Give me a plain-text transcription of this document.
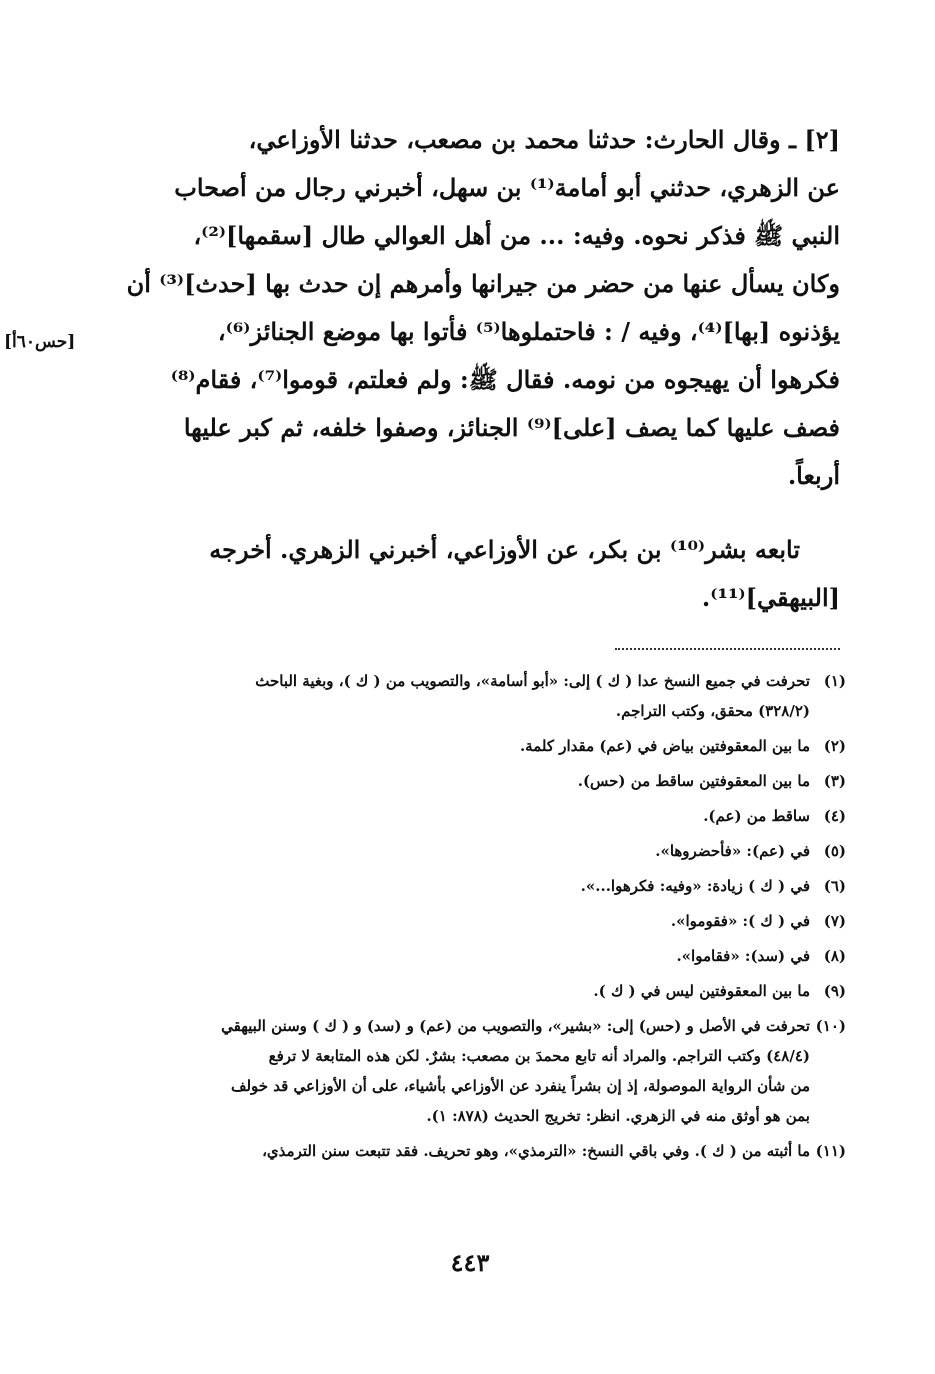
[٢] ـ وقال الحارث: حدثنا محمد بن مصعب، حدثنا الأوزاعي،
عن الزهري، حدثني أبو أمامة⁽¹⁾ بن سهل، أخبرني رجال من أصحاب
النبي ﷺ فذكر نحوه. وفيه: ... من أهل العوالي طال [سقمها]⁽²⁾،
وكان يسأل عنها من حضر من جيرانها وأمرهم إن حدث بها [حدث]⁽³⁾ أن
يؤذنوه [بها]⁽⁴⁾، وفيه / : فاحتملوها⁽⁵⁾ فأتوا بها موضع الجنائز⁽⁶⁾،
فكرهوا أن يهيجوه من نومه. فقال ﷺ: ولم فعلتم، قوموا⁽⁷⁾، فقام⁽⁸⁾
فصف عليها كما يصف [على]⁽⁹⁾ الجنائز، وصفوا خلفه، ثم كبر عليها
أربعاً.
[حس٦٠أ]
تابعه بشر⁽¹⁰⁾ بن بكر، عن الأوزاعي، أخبرني الزهري. أخرجه
[البيهقي]⁽¹¹⁾.
(١)
تحرفت في جميع النسخ عدا ( ك ) إلى: «أبو أسامة»، والتصويب من ( ك )، وبغية الباحث
(٣٢٨/٢) محقق، وكتب التراجم.
(٢)
ما بين المعقوفتين بياض في (عم) مقدار كلمة.
(٣)
ما بين المعقوفتين ساقط من (حس).
(٤)
ساقط من (عم).
(٥)
في (عم): «فأحضروها».
(٦)
في ( ك ) زيادة: «وفيه: فكرهوا...».
(٧)
في ( ك ): «فقوموا».
(٨)
في (سد): «فقاموا».
(٩)
ما بين المعقوفتين ليس في ( ك ).
(١٠)
تحرفت في الأصل و (حس) إلى: «بشير»، والتصويب من (عم) و (سد) و ( ك ) وسنن البيهقي
(٤٨/٤) وكتب التراجم. والمراد أنه تابع محمدَ بن مصعب: بشرٌ. لكن هذه المتابعة لا ترفع
من شأن الرواية الموصولة، إذ إن بشراً ينفرد عن الأوزاعي بأشياء، على أن الأوزاعي قد خولف
بمن هو أوثق منه في الزهري. انظر: تخريج الحديث (٨٧٨: ١).
(١١)
ما أثبته من ( ك ). وفي باقي النسخ: «الترمذي»، وهو تحريف. فقد تتبعت سنن الترمذي،
٤٤٣
